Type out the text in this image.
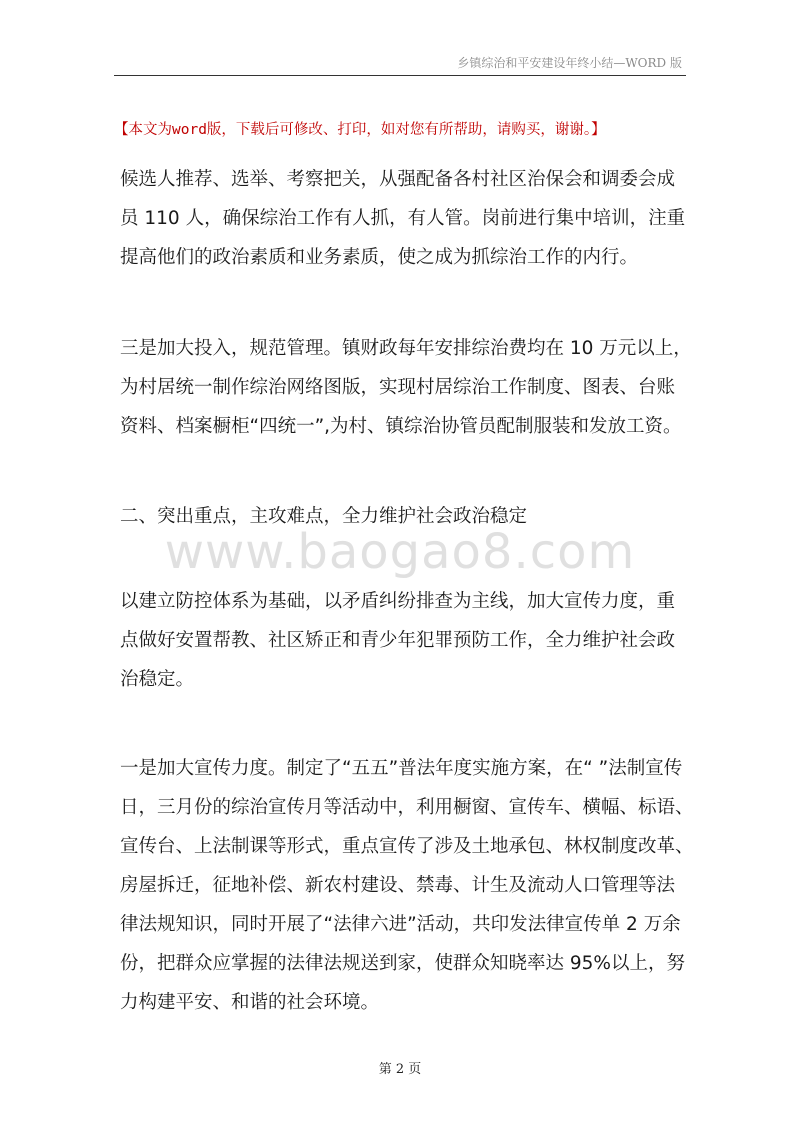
乡镇综治和平安建设年终小结—WORD 版
【本文为word版，下载后可修改、打印，如对您有所帮助，请购买，谢谢。】
候选人推荐、选举、考察把关，从强配备各村社区治保会和调委会成
员 110 人，确保综治工作有人抓，有人管。岗前进行集中培训，注重
提高他们的政治素质和业务素质，使之成为抓综治工作的内行。
三是加大投入，规范管理。镇财政每年安排综治费均在 10 万元以上，
为村居统一制作综治网络图版，实现村居综治工作制度、图表、台账
资料、档案橱柜“四统一”,为村、镇综治协管员配制服装和发放工资。
二、突出重点，主攻难点，全力维护社会政治稳定
www.baogao8.com
以建立防控体系为基础，以矛盾纠纷排查为主线，加大宣传力度，重
点做好安置帮教、社区矫正和青少年犯罪预防工作，全力维护社会政
治稳定。
一是加大宣传力度。制定了“五五”普法年度实施方案，在“ ”法制宣传
日，三月份的综治宣传月等活动中，利用橱窗、宣传车、横幅、标语、
宣传台、上法制课等形式，重点宣传了涉及土地承包、林权制度改革、
房屋拆迁，征地补偿、新农村建设、禁毒、计生及流动人口管理等法
律法规知识，同时开展了“法律六进”活动，共印发法律宣传单 2 万余
份，把群众应掌握的法律法规送到家，使群众知晓率达 95%以上，努
力构建平安、和谐的社会环境。
第 2 页
